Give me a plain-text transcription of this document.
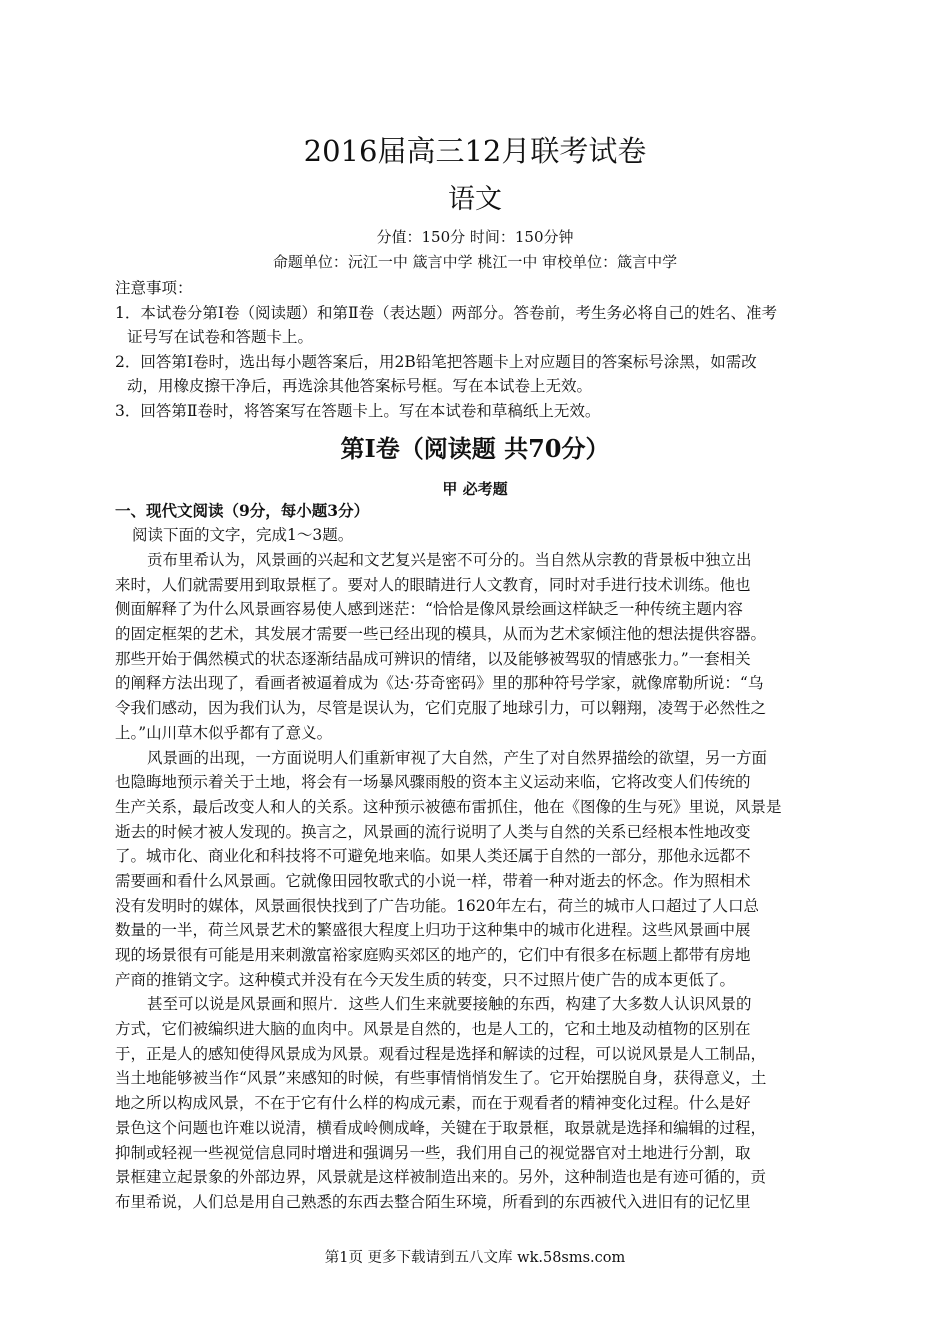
2016届高三12月联考试卷
语文
分值：150分 时间：150分钟
命题单位：沅江一中 箴言中学 桃江一中 审校单位：箴言中学
注意事项：
1．本试卷分第Ⅰ卷（阅读题）和第Ⅱ卷（表达题）两部分。答卷前，考生务必将自己的姓名、准考
证号写在试卷和答题卡上。
2．回答第Ⅰ卷时，选出每小题答案后，用2B铅笔把答题卡上对应题目的答案标号涂黑，如需改
动，用橡皮擦干净后，再选涂其他答案标号框。写在本试卷上无效。
3．回答第Ⅱ卷时，将答案写在答题卡上。写在本试卷和草稿纸上无效。
第Ⅰ卷（阅读题 共70分）
甲 必考题
一、现代文阅读（9分，每小题3分）
阅读下面的文字，完成1～3题。
贡布里希认为，风景画的兴起和文艺复兴是密不可分的。当自然从宗教的背景板中独立出
来时，人们就需要用到取景框了。要对人的眼睛进行人文教育，同时对手进行技术训练。他也
侧面解释了为什么风景画容易使人感到迷茫：“恰恰是像风景绘画这样缺乏一种传统主题内容
的固定框架的艺术，其发展才需要一些已经出现的模具，从而为艺术家倾注他的想法提供容器。
那些开始于偶然模式的状态逐渐结晶成可辨识的情绪，以及能够被驾驭的情感张力。”一套相关
的阐释方法出现了，看画者被逼着成为《达·芬奇密码》里的那种符号学家，就像席勒所说：“乌
令我们感动，因为我们认为，尽管是误认为，它们克服了地球引力，可以翱翔，凌驾于必然性之
上。”山川草木似乎都有了意义。
风景画的出现，一方面说明人们重新审视了大自然，产生了对自然界描绘的欲望，另一方面
也隐晦地预示着关于土地，将会有一场暴风骤雨般的资本主义运动来临，它将改变人们传统的
生产关系，最后改变人和人的关系。这种预示被德布雷抓住，他在《图像的生与死》里说，风景是
逝去的时候才被人发现的。换言之，风景画的流行说明了人类与自然的关系已经根本性地改变
了。城市化、商业化和科技将不可避免地来临。如果人类还属于自然的一部分，那他永远都不
需要画和看什么风景画。它就像田园牧歌式的小说一样，带着一种对逝去的怀念。作为照相术
没有发明时的媒体，风景画很快找到了广告功能。1620年左右，荷兰的城市人口超过了人口总
数量的一半，荷兰风景艺术的繁盛很大程度上归功于这种集中的城市化进程。这些风景画中展
现的场景很有可能是用来刺激富裕家庭购买郊区的地产的，它们中有很多在标题上都带有房地
产商的推销文字。这种模式并没有在今天发生质的转变，只不过照片使广告的成本更低了。
甚至可以说是风景画和照片．这些人们生来就要接触的东西，构建了大多数人认识风景的
方式，它们被编织进大脑的血肉中。风景是自然的，也是人工的，它和土地及动植物的区别在
于，正是人的感知使得风景成为风景。观看过程是选择和解读的过程，可以说风景是人工制品，
当土地能够被当作“风景”来感知的时候，有些事情悄悄发生了。它开始摆脱自身，获得意义，土
地之所以构成风景，不在于它有什么样的构成元素，而在于观看者的精神变化过程。什么是好
景色这个问题也许难以说清，横看成岭侧成峰，关键在于取景框，取景就是选择和编辑的过程，
抑制或轻视一些视觉信息同时增进和强调另一些，我们用自己的视觉器官对土地进行分割，取
景框建立起景象的外部边界，风景就是这样被制造出来的。另外，这种制造也是有迹可循的，贡
布里希说，人们总是用自己熟悉的东西去整合陌生环境，所看到的东西被代入进旧有的记忆里
第1页 更多下载请到五八文库 wk.58sms.com
